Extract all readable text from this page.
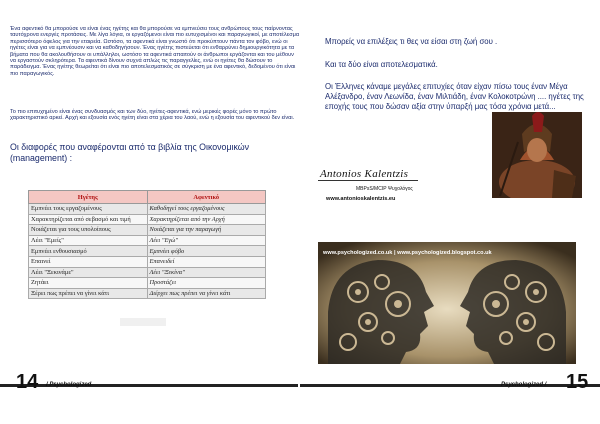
Ένα αφεντικό θα μπορούσε να είναι ένας ηγέτης και θα μπορούσε να εμπνεύσει τους ανθρώπους τους παίρνοντας ταυτόχρονα ενεργές προτάσεις. Με λίγα λόγια, οι εργαζόμενοι είναι πιο ευτυχισμένοι και παραγωγικοί, με αποτέλεσμα περισσότερο όφελος για την εταιρεία. Ωστόσο, τα αφεντικά είναι γνωστό ότι προκύπτουν πάντα τον φόβο, ενώ οι ηγέτες είναι για να εμπνέουσιν και να καθοδηγήσουν. Ένας ηγέτης πιστεύεται ότι ενθαρρύνει δημιουργικότητα με τα βήματα που θα ακολουθήσουν οι υπάλληλοι, ωστόσο τα αφεντικά απαιτούν οι άνθρωποι εργάζονται και του μέθουν να εργαστούν σκληρότερα. Τα αφεντικά δίνουν συχνά απλώς τις παραγγελίες, ενώ οι ηγέτες θα δώσουν το παράδειγμα. Ένας ηγέτης θεωρείται ότι είναι πιο αποτελεσματικός σε σύγκριση με ένα αφεντικό, δεδομένου ότι είναι πιο παραγωγικός.

Το πιο επιτυχημένο είναι ένας συνδυασμός και των δύο, ηγέτες-αφεντικά, ενώ μερικές φορές μόνο το πρώτο χαρακτηριστικό αρκεί. Αρχή και εξουσία ενός ηγέτη είναι στα χέρια του λαού, ενώ η εξουσία του αφεντικού δεν είναι.

Οι διαφορές που αναφέρονται από τα βιβλία της Οικονομικών (management) :

Ηγέτης	Αφεντικό
Εμπνέει τους εργαζομένους	Καθοδηγεί τους εργαζομένους
Χαρακτηρίζεται από σεβασμό και τιμή	Χαρακτηρίζεται από την Αρχή
Νοιάζεται για τους υπολοίπους	Νοιάζεται για την παραγωγή
Λέει "Εμείς"	Λέει "Εγώ"
Εμπνέει ενθουσιασμό	Εμπνέει φόβο
Επαινεί	Επανειδεί
Λέει "Ξεκινάμε"	Λέει "Ξεκίνα"
Ζητάει	Προστάζει
Ξέρει πως πρέπει να γίνει κάτι	Διέρχει πως πρέπει να γίνει κάτι
14 / Psychologized

Μπορείς να επιλέξεις τι θες να είσαι στη ζωή σου .

Και τα δύο είναι αποτελεσματικά.

Οι Έλληνες κάναμε μεγάλες επιτυχίες όταν είχαν πίσω τους έναν Μέγα Αλέξανδρο, έναν Λεωνίδα, έναν Μιλτιάδη, έναν Κολοκοτρώνη .... ηγέτες της εποχής τους που δώσαν αξία στην ύπαρξή μας τόσα χρόνια μετά...

Antonios Kalentzis
MBPsS/MCIP Ψυχολόγος
www.antonioskalentzis.eu
www.psychologized.co.uk | www.psychologized.blogspot.co.uk
Psychologized / 15
